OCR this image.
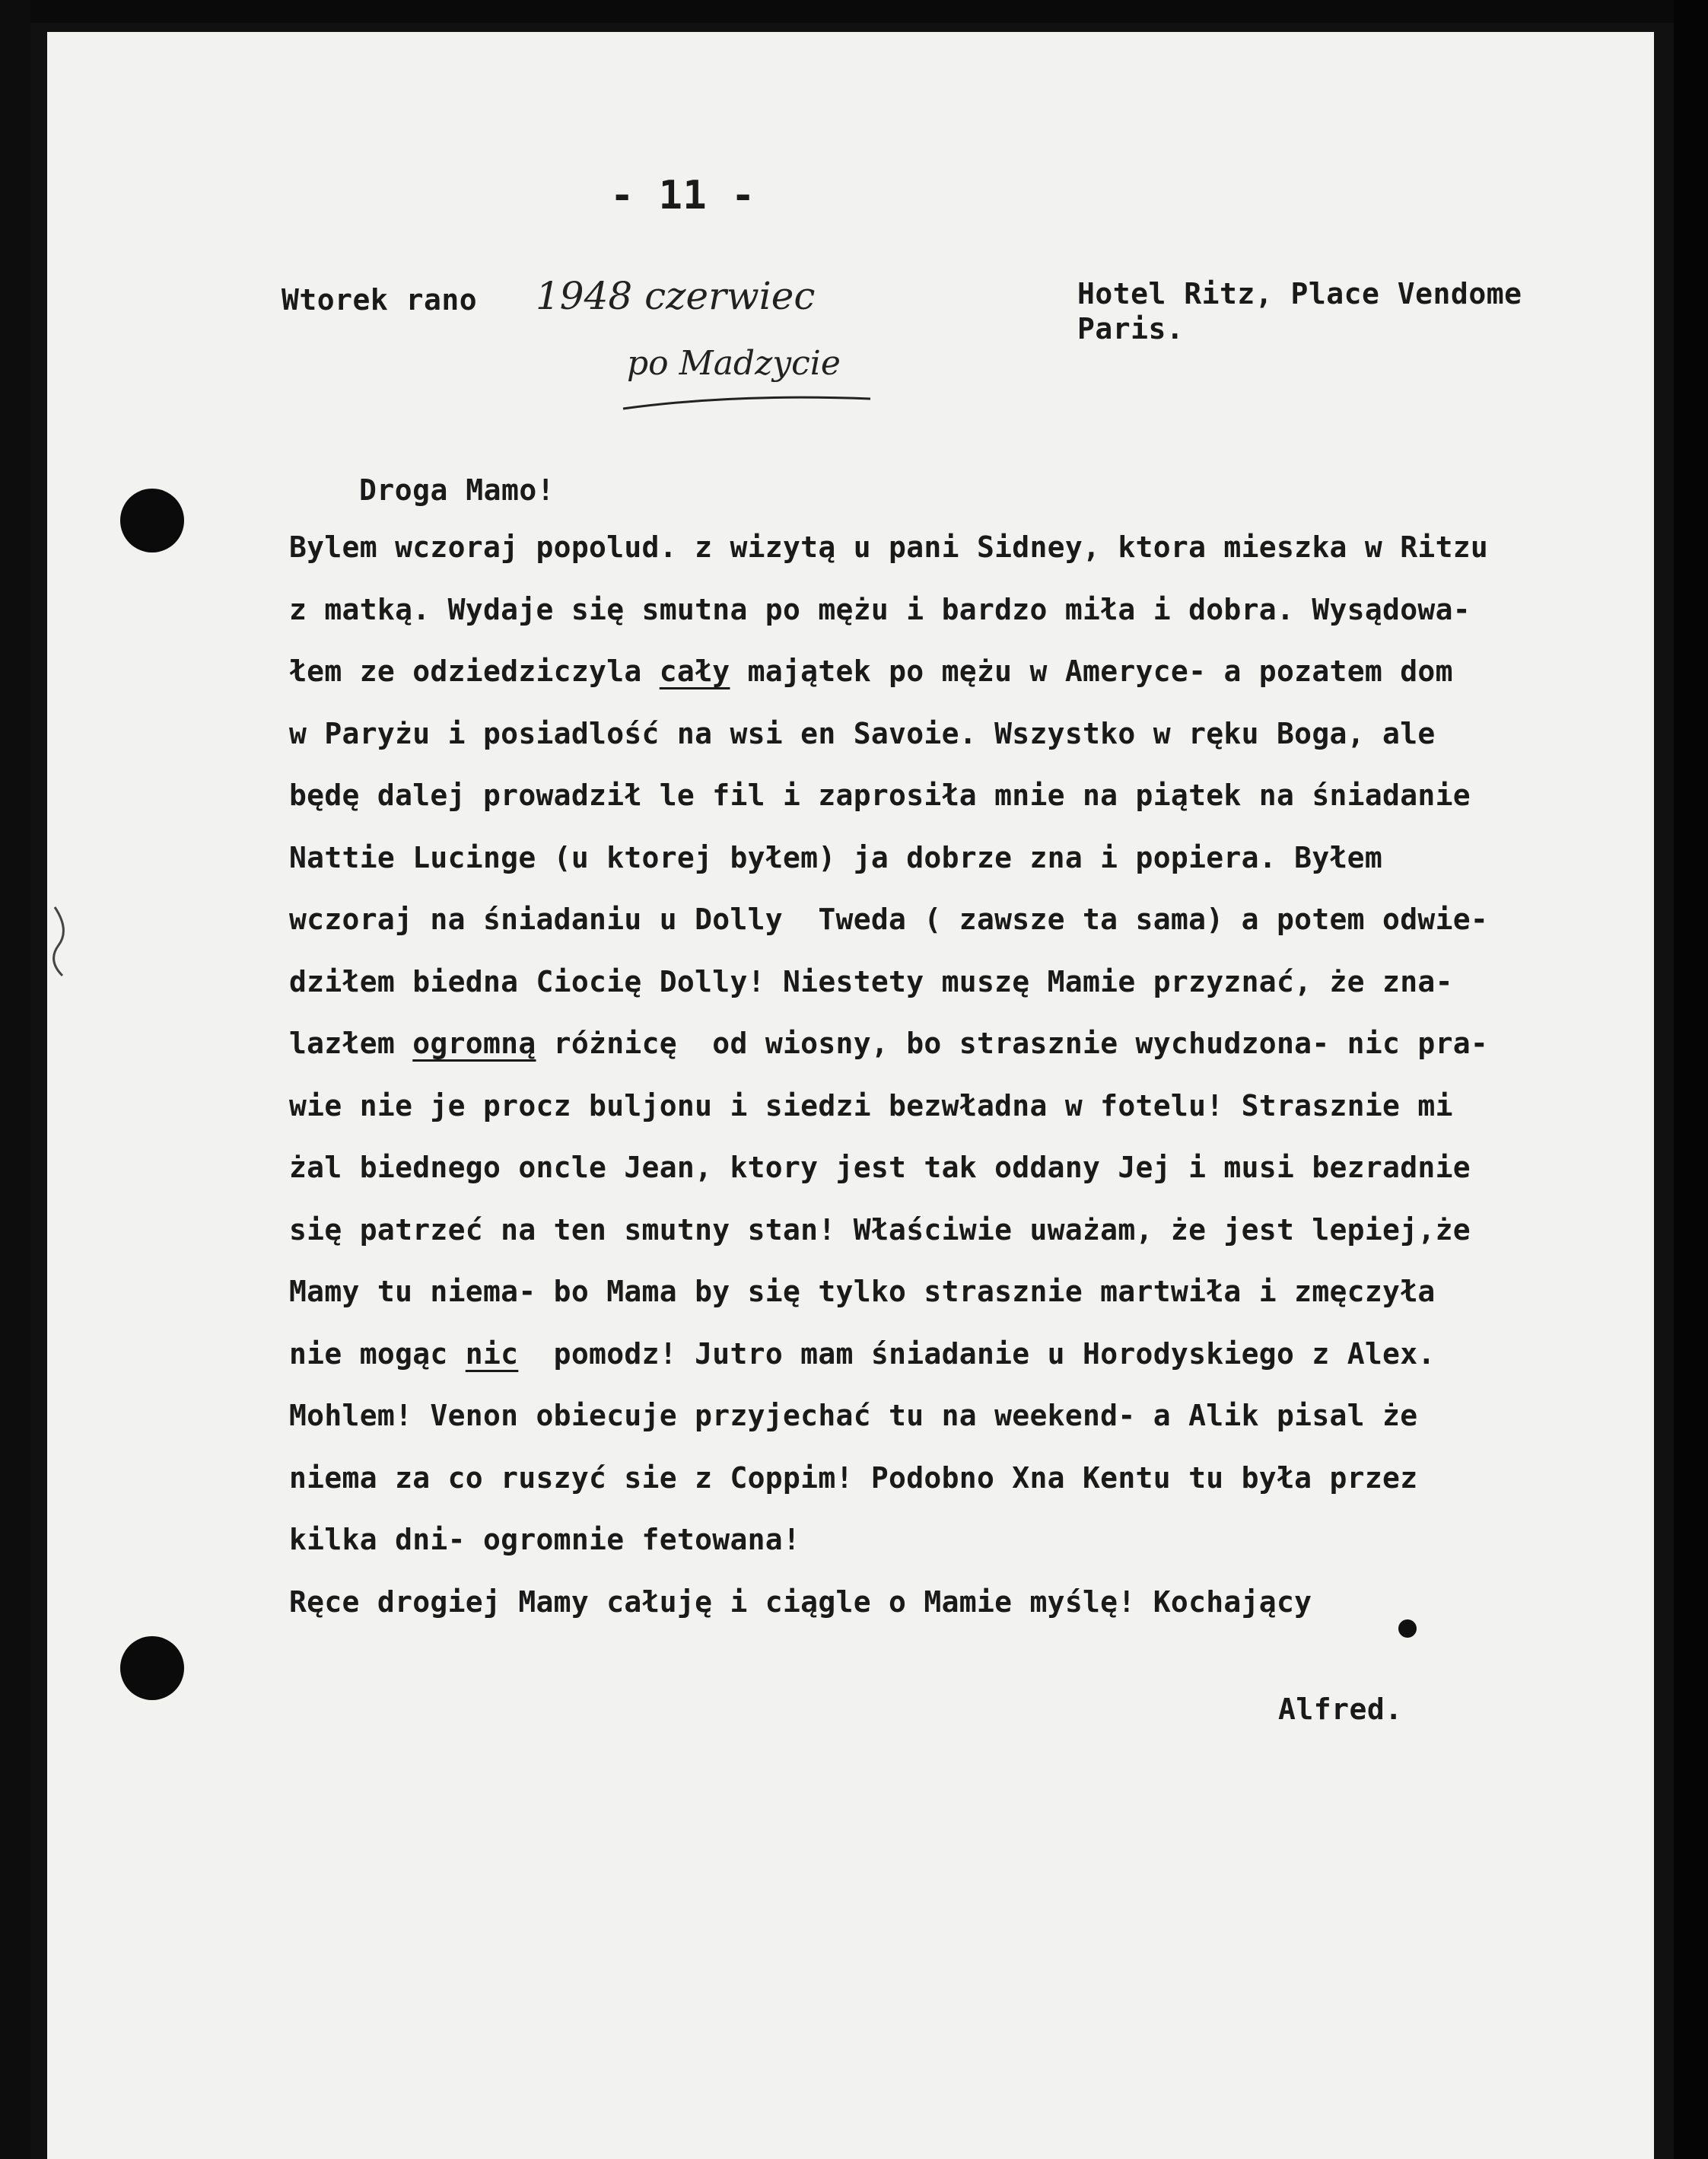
- 11 -
Wtorek rano 1948 czerwiec
po Madzycie
Hotel Ritz, Place Vendome
Paris.
Droga Mamo!
Bylem wczoraj popolud. z wizytą u pani Sidney, ktora mieszka w Ritzu
z matką. Wydaje się smutna po mężu i bardzo miła i dobra. Wysądowa-
łem ze odziedziczyla cały majątek po mężu w Ameryce- a pozatem dom
w Paryżu i posiadlość na wsi en Savoie. Wszystko w ręku Boga, ale
będę dalej prowadził le fil i zaprosiła mnie na piątek na śniadanie
Nattie Lucinge (u ktorej byłem) ja dobrze zna i popiera. Byłem
wczoraj na śniadaniu u Dolly  Tweda ( zawsze ta sama) a potem odwie-
dziłem biedna Ciocię Dolly! Niestety muszę Mamie przyznać, że zna-
lazłem ogromną różnicę  od wiosny, bo strasznie wychudzona- nic pra-
wie nie je procz buljonu i siedzi bezwładna w fotelu! Strasznie mi
żal biednego oncle Jean, ktory jest tak oddany Jej i musi bezradnie
się patrzeć na ten smutny stan! Właściwie uważam, że jest lepiej,że
Mamy tu niema- bo Mama by się tylko strasznie martwiła i zmęczyła
nie mogąc nic  pomodz! Jutro mam śniadanie u Horodyskiego z Alex.
Mohlem! Venon obiecuje przyjechać tu na weekend- a Alik pisal że
niema za co ruszyć sie z Coppim! Podobno Xna Kentu tu była przez
kilka dni- ogromnie fetowana!
Ręce drogiej Mamy całuję i ciągle o Mamie myślę! Kochający
Alfred.
